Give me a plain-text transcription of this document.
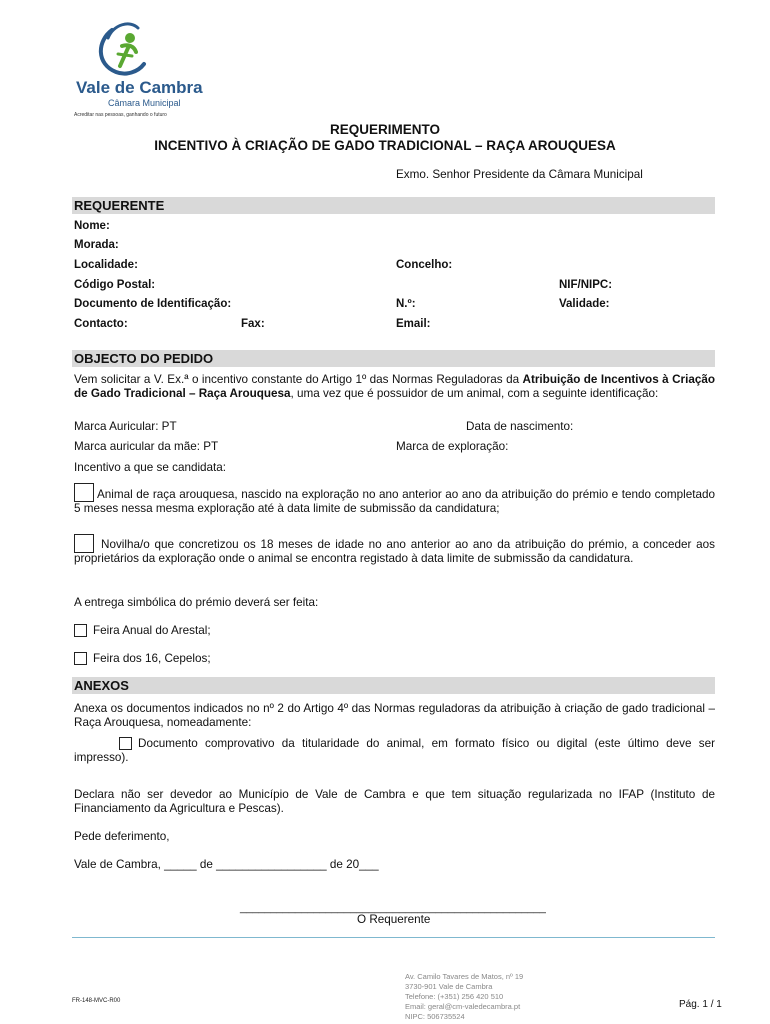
Vale de Cambra
Câmara Municipal
Acreditar nas pessoas, ganhando o futuro
REQUERIMENTO
INCENTIVO À CRIAÇÃO DE GADO TRADICIONAL – RAÇA AROUQUESA
Exmo. Senhor Presidente da Câmara Municipal
REQUERENTE
Nome:
Morada:
Localidade:	Concelho:
Código Postal:	NIF/NIPC:
Documento de Identificação:	N.º:	Validade:
Contacto:	Fax:	Email:
OBJECTO DO PEDIDO
Vem solicitar a V. Ex.ª o incentivo constante do Artigo 1º das Normas Reguladoras da Atribuição de Incentivos à Criação de Gado Tradicional – Raça Arouquesa, uma vez que é possuidor de um animal, com a seguinte identificação:
Marca Auricular: PT	Data de nascimento:
Marca auricular da mãe: PT	Marca de exploração:
Incentivo a que se candidata:
Animal de raça arouquesa, nascido na exploração no ano anterior ao ano da atribuição do prémio e tendo completado 5 meses nessa mesma exploração até à data limite de submissão da candidatura;
Novilha/o que concretizou os 18 meses de idade no ano anterior ao ano da atribuição do prémio, a conceder aos proprietários da exploração onde o animal se encontra registado à data limite de submissão da candidatura.
A entrega simbólica do prémio deverá ser feita:
Feira Anual do Arestal;
Feira dos 16, Cepelos;
ANEXOS
Anexa os documentos indicados no nº 2 do Artigo 4º das Normas reguladoras da atribuição à criação de gado tradicional – Raça Arouquesa, nomeadamente:
Documento comprovativo da titularidade do animal, em formato físico ou digital (este último deve ser impresso).
Declara não ser devedor ao Município de Vale de Cambra e que tem situação regularizada no IFAP (Instituto de Financiamento da Agricultura e Pescas).
Pede deferimento,
Vale de Cambra, _____ de _________________ de 20___
__________________________________________________
O Requerente
Av. Camilo Tavares de Matos, nº 19
3730-901 Vale de Cambra
Telefone: (+351) 256 420 510
Email: geral@cm-valedecambra.pt
NIPC: 506735524
FR-148-MVC-R00	Pág. 1 / 1
